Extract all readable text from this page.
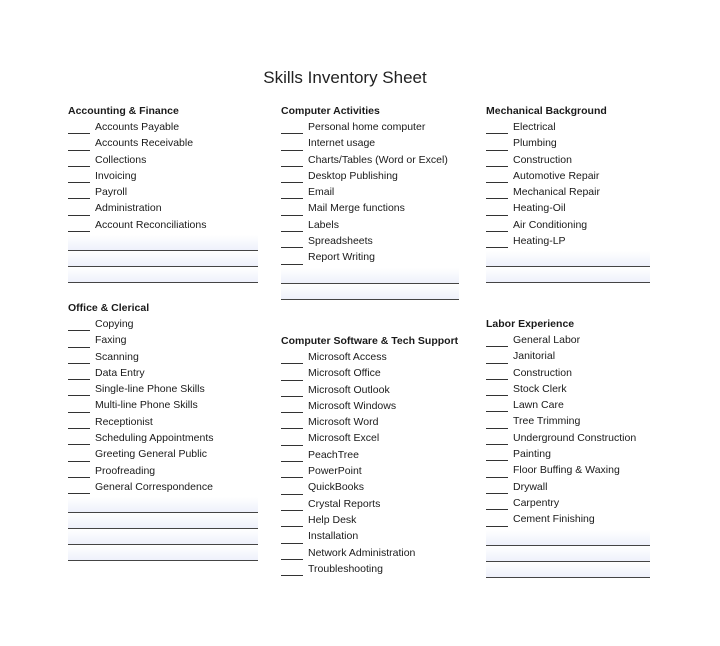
Skills Inventory Sheet
Accounting & Finance
Accounts Payable
Accounts Receivable
Collections
Invoicing
Payroll
Administration
Account Reconciliations
Office & Clerical
Copying
Faxing
Scanning
Data Entry
Single-line Phone Skills
Multi-line Phone Skills
Receptionist
Scheduling Appointments
Greeting General Public
Proofreading
General Correspondence
Computer Activities
Personal home computer
Internet usage
Charts/Tables (Word or Excel)
Desktop Publishing
Email
Mail Merge functions
Labels
Spreadsheets
Report Writing
Computer Software & Tech Support
Microsoft Access
Microsoft Office
Microsoft Outlook
Microsoft Windows
Microsoft Word
Microsoft Excel
PeachTree
PowerPoint
QuickBooks
Crystal Reports
Help Desk
Installation
Network Administration
Troubleshooting
Mechanical Background
Electrical
Plumbing
Construction
Automotive Repair
Mechanical Repair
Heating-Oil
Air Conditioning
Heating-LP
Labor Experience
General Labor
Janitorial
Construction
Stock Clerk
Lawn Care
Tree Trimming
Underground Construction
Painting
Floor Buffing & Waxing
Drywall
Carpentry
Cement Finishing
